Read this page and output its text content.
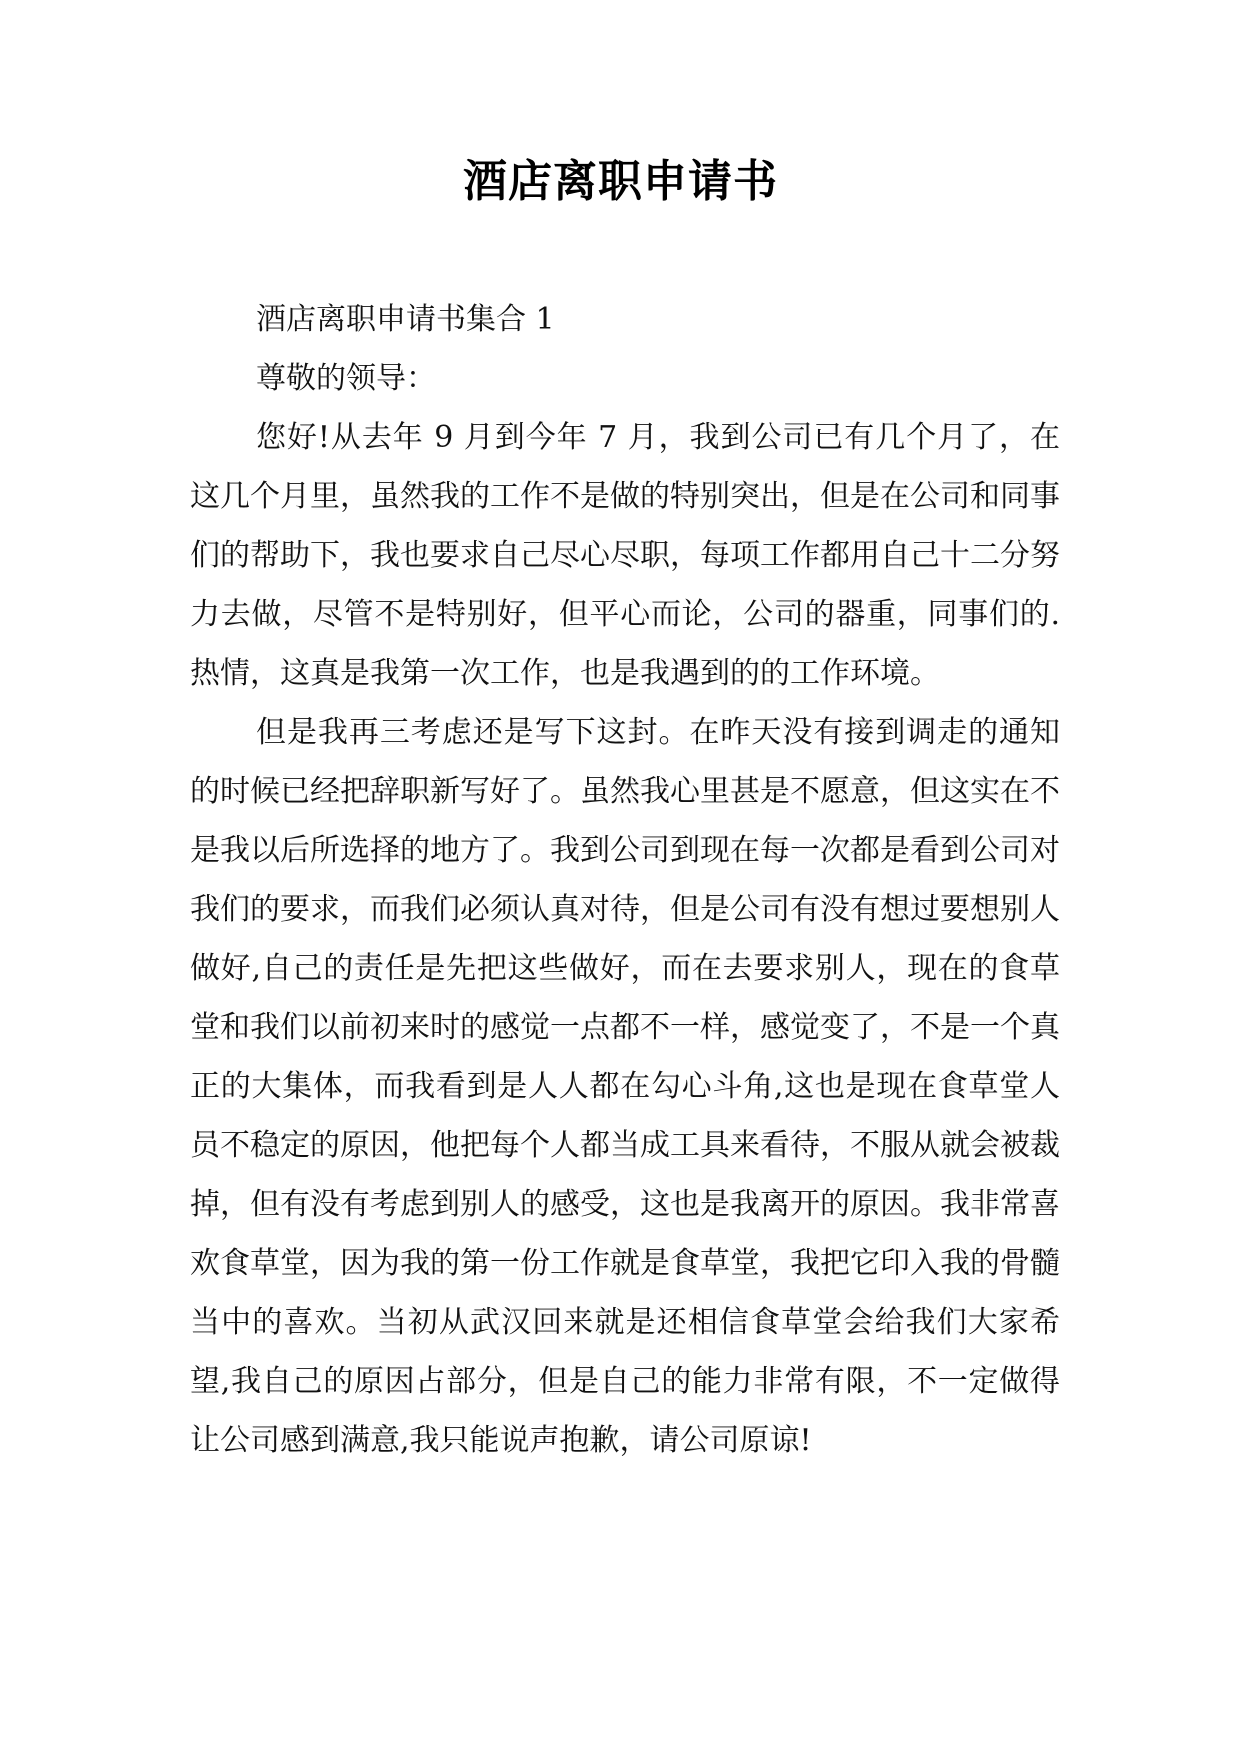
酒店离职申请书

酒店离职申请书集合 1

尊敬的领导：

您好!从去年 9 月到今年 7 月，我到公司已有几个月了，在这几个月里，虽然我的工作不是做的特别突出，但是在公司和同事们的帮助下，我也要求自己尽心尽职，每项工作都用自己十二分努力去做，尽管不是特别好，但平心而论，公司的器重，同事们的.热情，这真是我第一次工作，也是我遇到的的工作环境。

但是我再三考虑还是写下这封。在昨天没有接到调走的通知的时候已经把辞职新写好了。虽然我心里甚是不愿意，但这实在不是我以后所选择的地方了。我到公司到现在每一次都是看到公司对我们的要求，而我们必须认真对待，但是公司有没有想过要想别人做好,自己的责任是先把这些做好，而在去要求别人，现在的食草堂和我们以前初来时的感觉一点都不一样，感觉变了，不是一个真正的大集体，而我看到是人人都在勾心斗角,这也是现在食草堂人员不稳定的原因，他把每个人都当成工具来看待，不服从就会被裁掉，但有没有考虑到别人的感受，这也是我离开的原因。我非常喜欢食草堂，因为我的第一份工作就是食草堂，我把它印入我的骨髓当中的喜欢。当初从武汉回来就是还相信食草堂会给我们大家希望,我自己的原因占部分，但是自己的能力非常有限，不一定做得让公司感到满意,我只能说声抱歉，请公司原谅!
